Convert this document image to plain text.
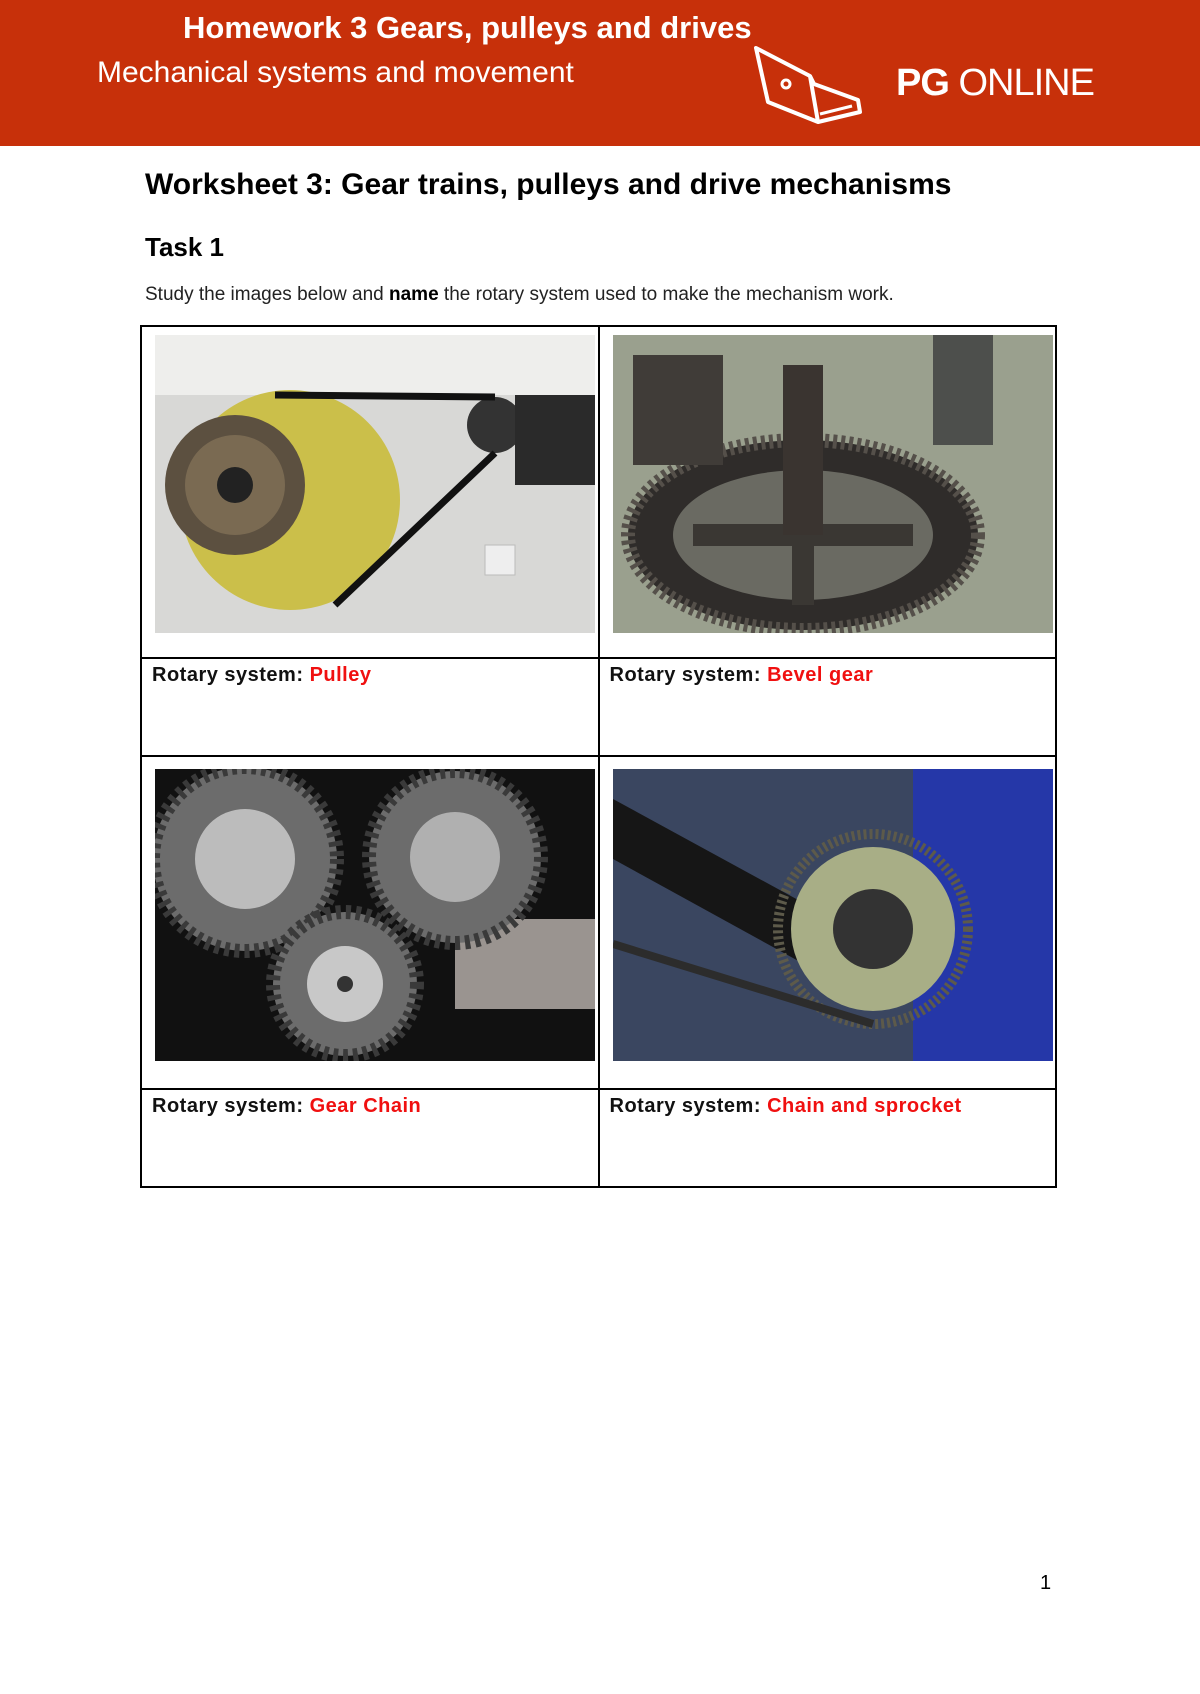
Homework 3 Gears, pulleys and drives
Mechanical systems and movement	PG ONLINE
Worksheet 3: Gear trains, pulleys and drive mechanisms
Task 1
Study the images below and name the rotary system used to make the mechanism work.

Rotary system: Pulley	Rotary system: Bevel gear

Rotary system: Gear Chain	Rotary system: Chain and sprocket
1
